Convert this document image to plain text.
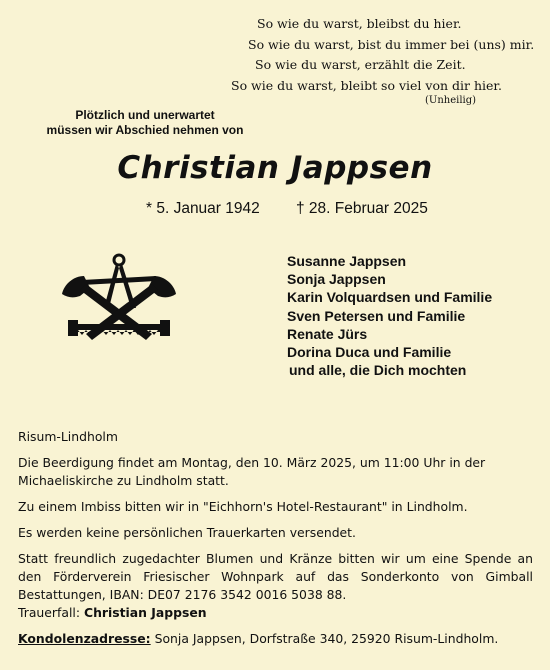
So wie du warst, bleibst du hier.
So wie du warst, bist du immer bei (uns) mir.
So wie du warst, erzählt die Zeit.
So wie du warst, bleibt so viel von dir hier.
(Unheilig)
Plötzlich und unerwartet
müssen wir Abschied nehmen von
Christian Jappsen
* 5. Januar 1942 † 28. Februar 2025
Susanne Jappsen
Sonja Jappsen
Karin Volquardsen und Familie
Sven Petersen und Familie
Renate Jürs
Dorina Duca und Familie
und alle, die Dich mochten

Risum-Lindholm

Die Beerdigung findet am Montag, den 10. März 2025, um 11:00 Uhr in der Michaeliskirche zu Lindholm statt.

Zu einem Imbiss bitten wir in "Eichhorn's Hotel-Restaurant" in Lindholm.

Es werden keine persönlichen Trauerkarten versendet.

Statt freundlich zugedachter Blumen und Kränze bitten wir um eine Spende an den Förderverein Friesischer Wohnpark auf das Sonderkonto von Gimball Bestattungen, IBAN: DE07 2176 3542 0016 5038 88.

Trauerfall: Christian Jappsen

Kondolenzadresse: Sonja Jappsen, Dorfstraße 340, 25920 Risum-Lindholm.
